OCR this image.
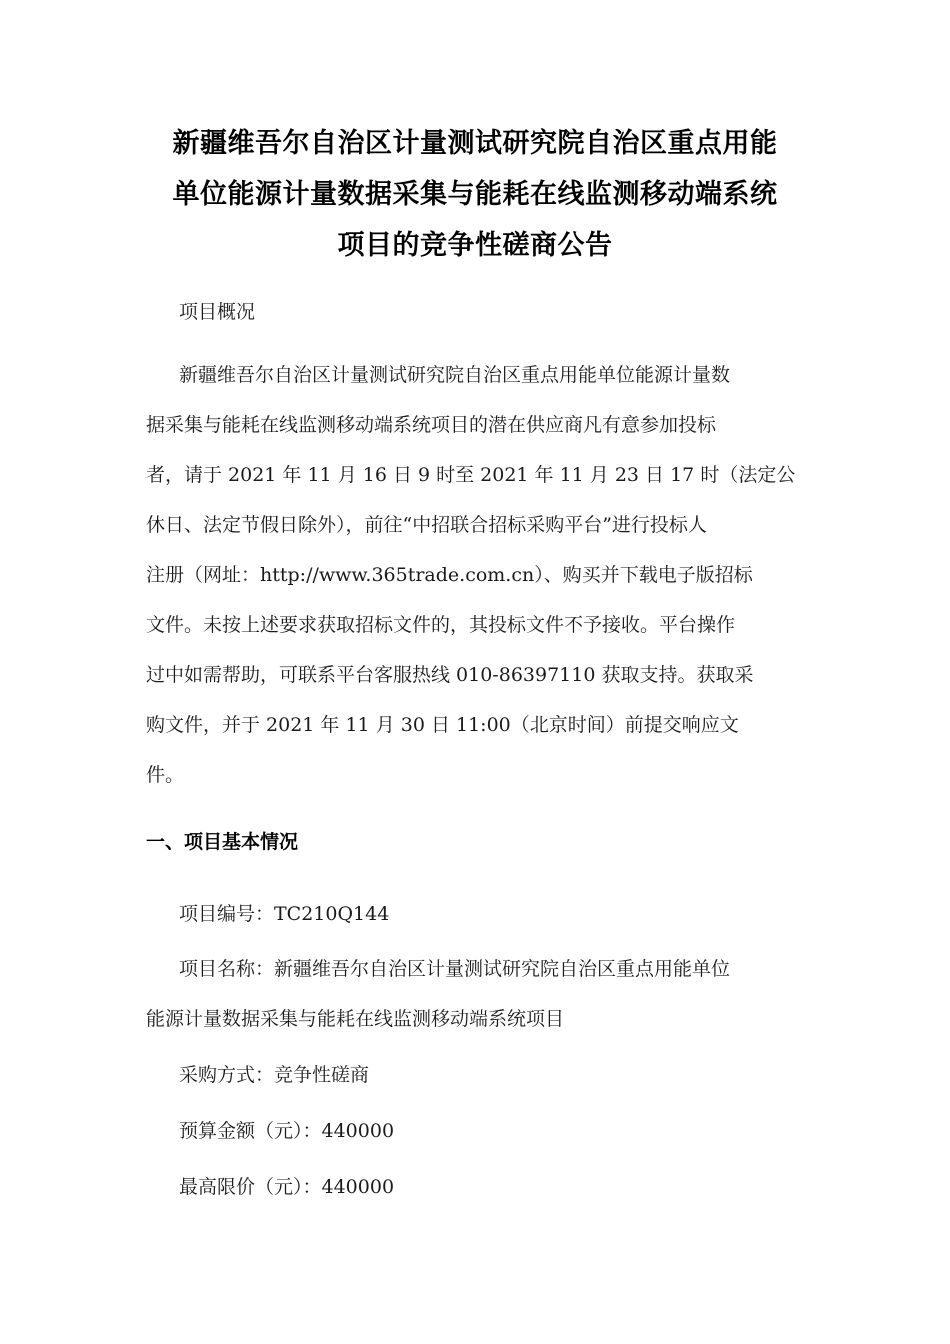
新疆维吾尔自治区计量测试研究院自治区重点用能
单位能源计量数据采集与能耗在线监测移动端系统
项目的竞争性磋商公告
项目概况
新疆维吾尔自治区计量测试研究院自治区重点用能单位能源计量数
据采集与能耗在线监测移动端系统项目的潜在供应商凡有意参加投标
者，请于 2021 年 11 月 16 日 9 时至 2021 年 11 月 23 日 17 时（法定公
休日、法定节假日除外），前往“中招联合招标采购平台”进行投标人
注册（网址：http://www.365trade.com.cn）、购买并下载电子版招标
文件。未按上述要求获取招标文件的，其投标文件不予接收。平台操作
过中如需帮助，可联系平台客服热线 010-86397110 获取支持。获取采
购文件，并于 2021 年 11 月 30 日 11:00（北京时间）前提交响应文
件。
一、项目基本情况
项目编号：TC210Q144
项目名称：新疆维吾尔自治区计量测试研究院自治区重点用能单位
能源计量数据采集与能耗在线监测移动端系统项目
采购方式：竞争性磋商
预算金额（元）：440000
最高限价（元）：440000
